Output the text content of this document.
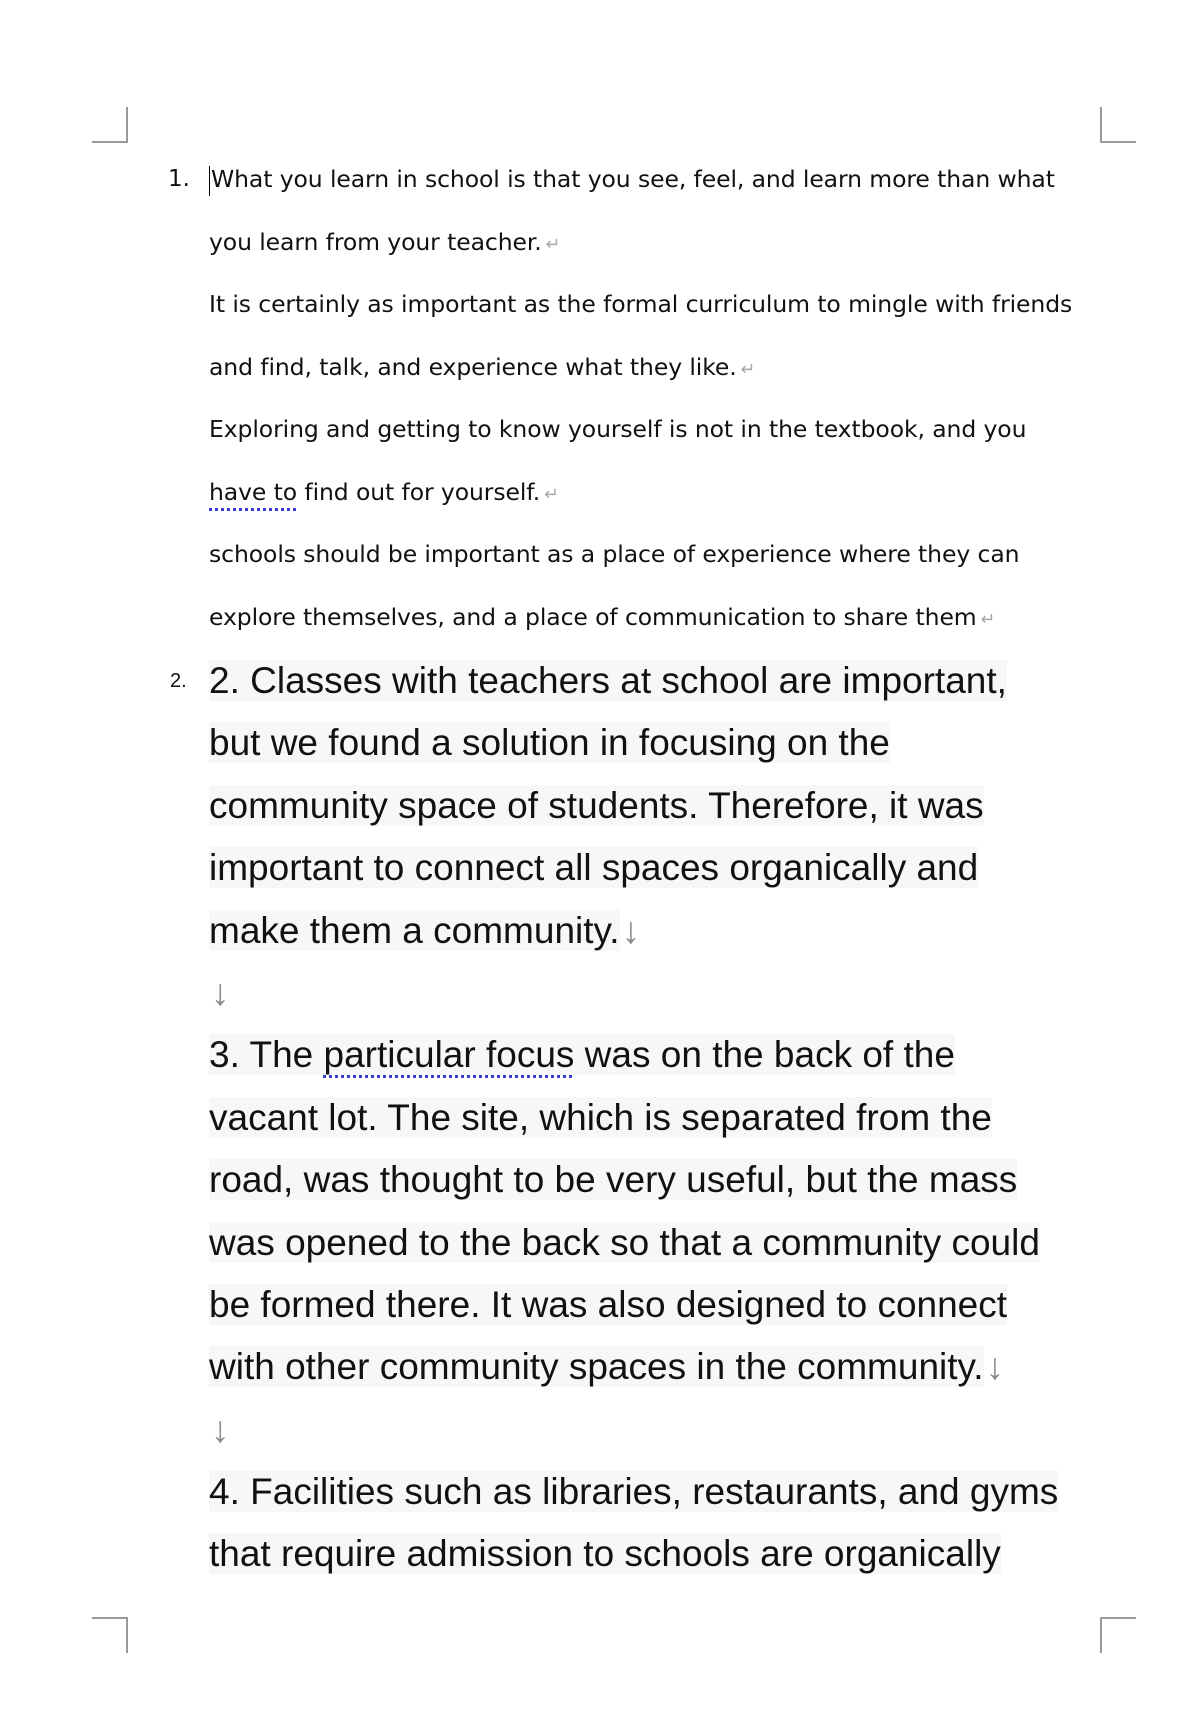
1. What you learn in school is that you see, feel, and learn more than what
you learn from your teacher. ↵
It is certainly as important as the formal curriculum to mingle with friends
and find, talk, and experience what they like. ↵
Exploring and getting to know yourself is not in the textbook, and you
have to find out for yourself. ↵
schools should be important as a place of experience where they can
explore themselves, and a place of communication to share them ↵
2. 2. Classes with teachers at school are important,
but we found a solution in focusing on the
community space of students. Therefore, it was
important to connect all spaces organically and
make them a community.↓
↓
3. The particular focus was on the back of the
vacant lot. The site, which is separated from the
road, was thought to be very useful, but the mass
was opened to the back so that a community could
be formed there. It was also designed to connect
with other community spaces in the community.↓
↓
4. Facilities such as libraries, restaurants, and gyms
that require admission to schools are organically
